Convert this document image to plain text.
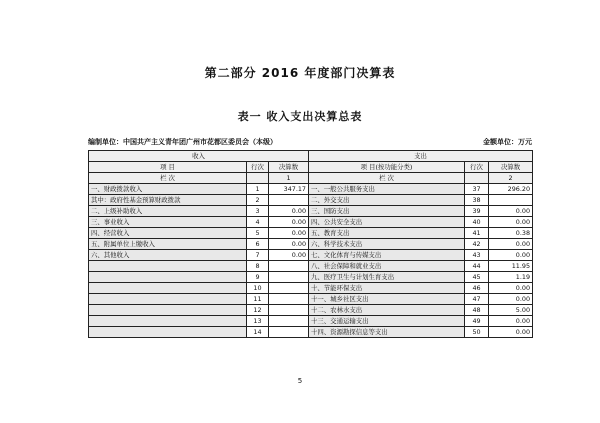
第二部分 2016 年度部门决算表
表一 收入支出决算总表
编制单位：中国共产主义青年团广州市花都区委员会（本级）	金额单位：万元
收入			支出		
项 目	行次	决算数	项 目(按功能分类)	行次	决算数
栏 次		1	栏 次		2
一、财政拨款收入	1	347.17	一、一般公共服务支出	37	296.20
其中：政府性基金预算财政拨款	2		二、外交支出	38	
二、上级补助收入	3	0.00	三、国防支出	39	0.00
三、事业收入	4	0.00	四、公共安全支出	40	0.00
四、经营收入	5	0.00	五、教育支出	41	0.38
五、附属单位上缴收入	6	0.00	六、科学技术支出	42	0.00
六、其他收入	7	0.00	七、文化体育与传媒支出	43	0.00
	8		八、社会保障和就业支出	44	11.95
	9		九、医疗卫生与计划生育支出	45	1.19
	10		十、节能环保支出	46	0.00
	11		十一、城乡社区支出	47	0.00
	12		十二、农林水支出	48	5.00
	13		十三、交通运输支出	49	0.00
	14		十四、资源勘探信息等支出	50	0.00
5
